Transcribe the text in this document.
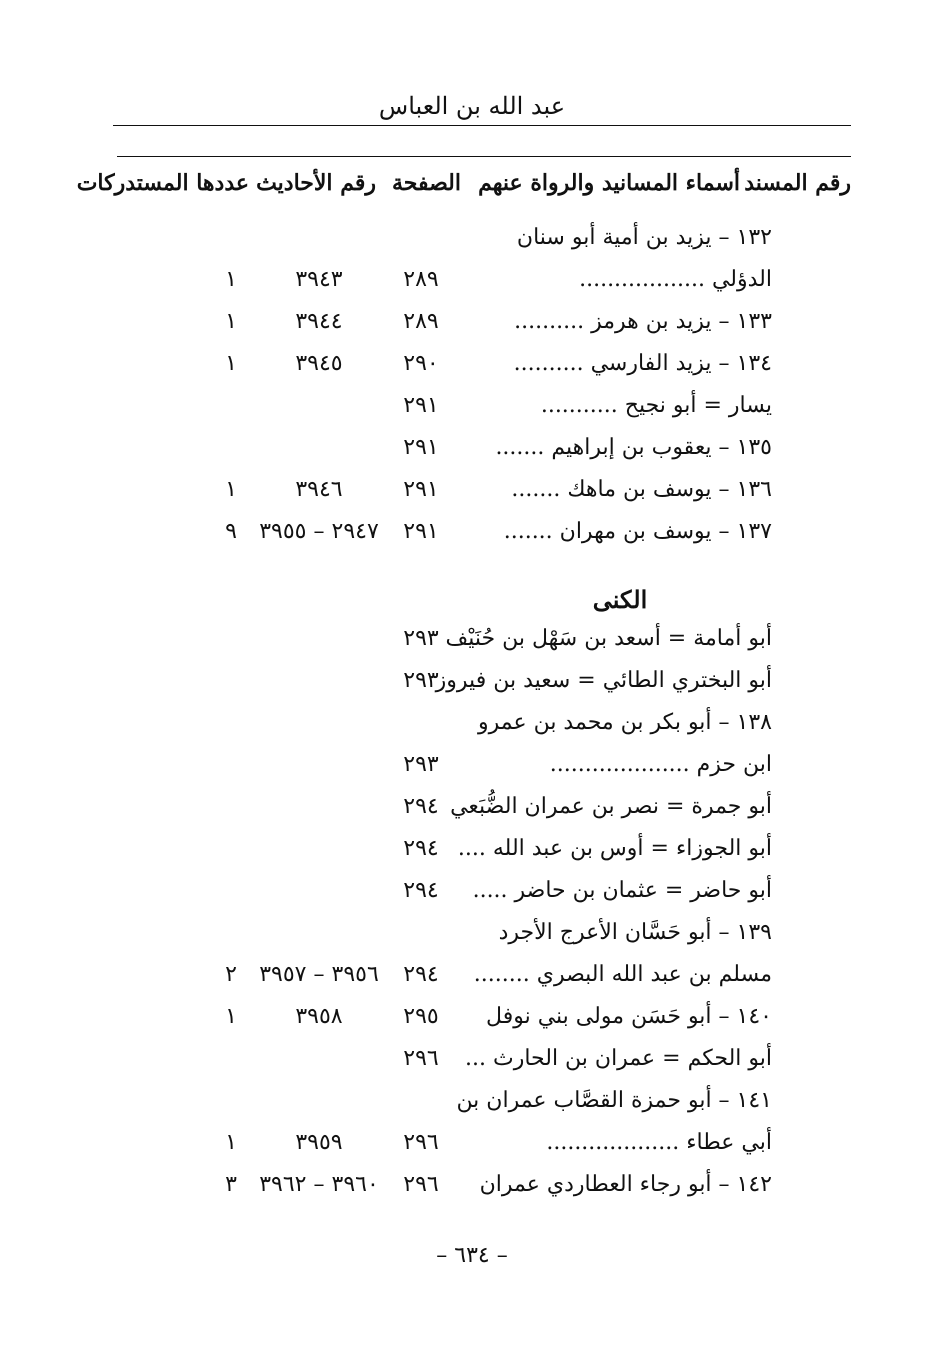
عبد الله بن العباس
رقم المسند
أسماء المسانيد والرواة عنهم
الصفحة
رقم الأحاديث
عددها المستدركات
١٣٢ – يزيد بن أمية أبو سنان
الدؤلي ..................
٢٨٩
٣٩٤٣
١
١٣٣ – يزيد بن هرمز ..........
٢٨٩
٣٩٤٤
١
١٣٤ – يزيد الفارسي ..........
٢٩٠
٣٩٤٥
١
يسار = أبو نجيح ...........
٢٩١
١٣٥ – يعقوب بن إبراهيم .......
٢٩١
١٣٦ – يوسف بن ماهك .......
٢٩١
٣٩٤٦
١
١٣٧ – يوسف بن مهران .......
٢٩١
٢٩٤٧ – ٣٩٥٥
٩
الكنى
أبو أمامة = أسعد بن سَهْل بن حُنَيْف
٢٩٣
أبو البختري الطائي = سعيد بن فيروز
٢٩٣
١٣٨ – أبو بكر بن محمد بن عمرو
ابن حزم ....................
٢٩٣
أبو جمرة = نصر بن عمران الضُّبَعي
٢٩٤
أبو الجوزاء = أوس بن عبد الله ....
٢٩٤
أبو حاضر = عثمان بن حاضر .....
٢٩٤
١٣٩ – أبو حَسَّان الأعرج الأجرد
مسلم بن عبد الله البصري ........
٢٩٤
٣٩٥٦ – ٣٩٥٧
٢
١٤٠ – أبو حَسَن مولى بني نوفل
٢٩٥
٣٩٥٨
١
أبو الحكم = عمران بن الحارث ...
٢٩٦
١٤١ – أبو حمزة القصَّاب عمران بن
أبي عطاء ...................
٢٩٦
٣٩٥٩
١
١٤٢ – أبو رجاء العطاردي عمران
٢٩٦
٣٩٦٠ – ٣٩٦٢
٣
– ٦٣٤ –
